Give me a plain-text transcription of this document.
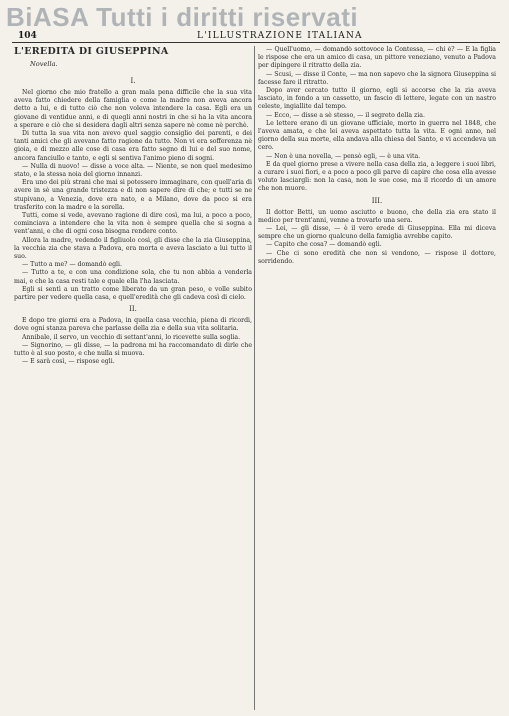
BiASA Tutti i diritti riservati
104	L'ILLUSTRAZIONE ITALIANA
L'EREDITÀ DI GIUSEPPINA
Novella.
I.

Nel giorno che mio fratello a gran mala pena difficile che la sua vita aveva fatto chiedere della famiglia e come la madre non aveva ancora detto a lui, e di tutto ciò che non voleva intendere la casa. Egli era un giovane di ventidue anni, e di quegli anni nostri in che si ha la vita ancora a sperare e ciò che si desidera dagli altri senza sapere nè come nè perchè.

Di tutta la sua vita non avevo quel saggio consiglio dei parenti, e dei tanti amici che gli avevano fatto ragione da tutto. Non vi era sofferenza nè gioia, e di mezzo alle cose di casa era fatto segno di lui e del suo nome, ancora fanciullo e tanto, e egli si sentiva l'animo pieno di sogni.

— Nulla di nuovo! — disse a voce alta. — Niente, se non quel medesimo stato, e la stessa noia del giorno innanzi.

Era uno dei più strani che mai si potessero immaginare, con quell'aria di avere in sè una grande tristezza e di non sapere dire di che; e tutti se ne stupivano, a Venezia, dove era nato, e a Milano, dove da poco si era trasferito con la madre e la sorella.

Tutti, come si vede, avevano ragione di dire così, ma lui, a poco a poco, cominciava a intendere che la vita non è sempre quella che si sogna a vent'anni, e che di ogni cosa bisogna rendere conto.

Allora la madre, vedendo il figliuolo così, gli disse che la zia Giuseppina, la vecchia zia che stava a Padova, era morta e aveva lasciato a lui tutto il suo.

— Tutto a me? — domandò egli.

— Tutto a te, e con una condizione sola, che tu non abbia a venderla mai, e che la casa resti tale e quale ella l'ha lasciata.

Egli si sentì a un tratto come liberato da un gran peso, e volle subito partire per vedere quella casa, e quell'eredità che gli cadeva così di cielo.

II.

E dopo tre giorni era a Padova, in quella casa vecchia, piena di ricordi, dove ogni stanza pareva che parlasse della zia e della sua vita solitaria.

Annibale, il servo, un vecchio di settant'anni, lo ricevette sulla soglia.

— Signorino, — gli disse, — la padrona mi ha raccomandato di dirle che tutto è al suo posto, e che nulla si muova.

— E sarà così, — rispose egli.

— Quell'uomo, — domandò sottovoce la Contessa, — chi è? — E la figlia le rispose che era un amico di casa, un pittore veneziano, venuto a Padova per dipingere il ritratto della zia.

— Scusi, — disse il Conte, — ma non sapevo che la signora Giuseppina si facesse fare il ritratto.

Dopo aver cercato tutto il giorno, egli si accorse che la zia aveva lasciato, in fondo a un cassetto, un fascio di lettere, legate con un nastro celeste, ingiallite dal tempo.

— Ecco, — disse a sè stesso, — il segreto della zia.

Le lettere erano di un giovane ufficiale, morto in guerra nel 1848, che l'aveva amata, e che lei aveva aspettato tutta la vita. E ogni anno, nel giorno della sua morte, ella andava alla chiesa del Santo, e vi accendeva un cero.

— Non è una novella, — pensò egli, — è una vita.

E da quel giorno prese a vivere nella casa della zia, a leggere i suoi libri, a curare i suoi fiori, e a poco a poco gli parve di capire che cosa ella avesse voluto lasciargli: non la casa, non le sue cose, ma il ricordo di un amore che non muore.

III.

Il dottor Betti, un uomo asciutto e buono, che della zia era stato il medico per trent'anni, venne a trovarlo una sera.

— Lei, — gli disse, — è il vero erede di Giuseppina. Ella mi diceva sempre che un giorno qualcuno della famiglia avrebbe capito.

— Capito che cosa? — domandò egli.

— Che ci sono eredità che non si vendono, — rispose il dottore, sorridendo.
